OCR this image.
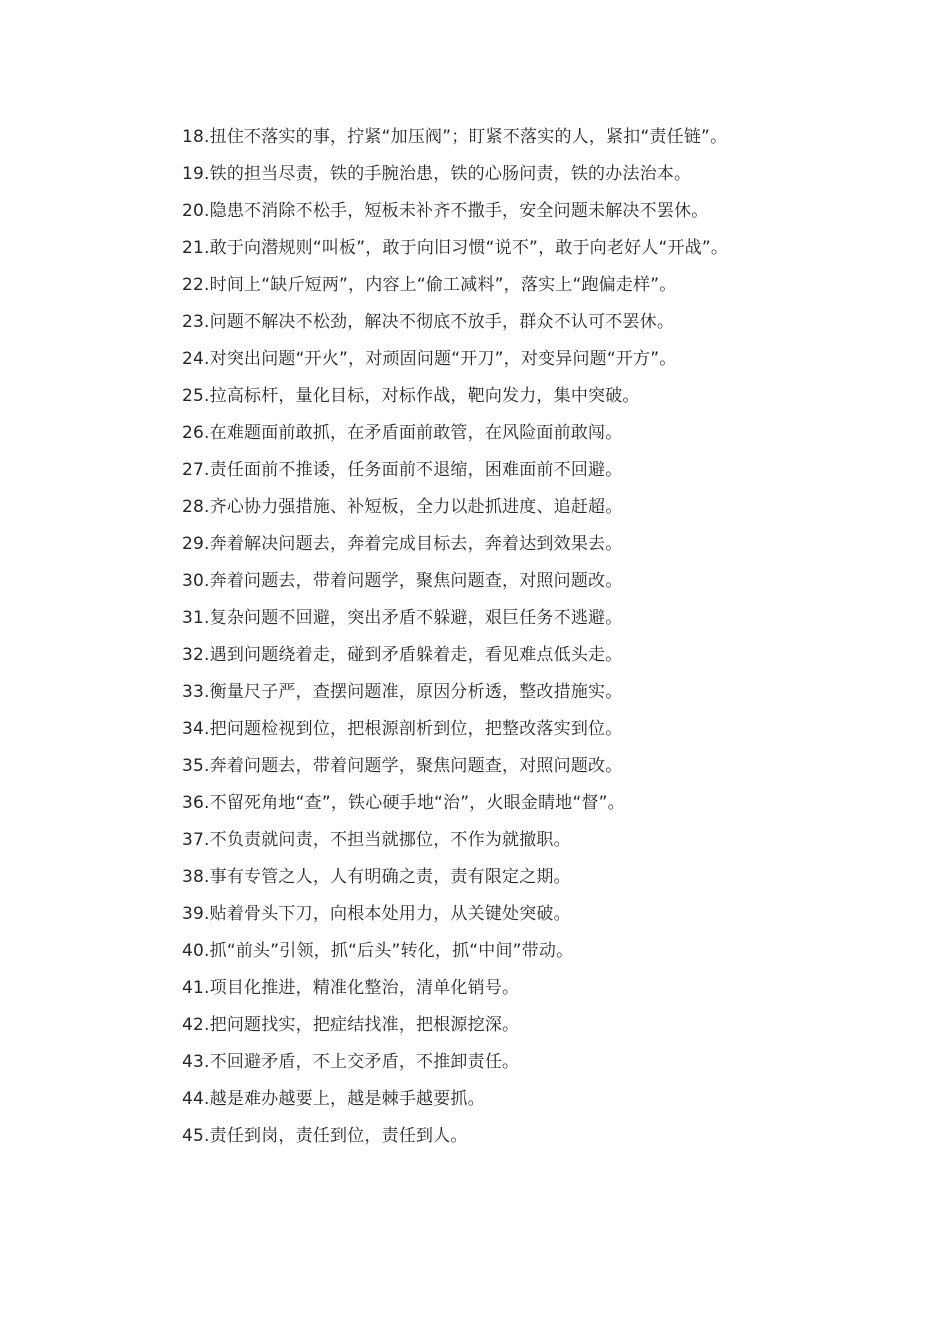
18.扭住不落实的事，拧紧“加压阀”；盯紧不落实的人，紧扣“责任链”。
19.铁的担当尽责，铁的手腕治患，铁的心肠问责，铁的办法治本。
20.隐患不消除不松手，短板未补齐不撒手，安全问题未解决不罢休。
21.敢于向潜规则“叫板”，敢于向旧习惯“说不”，敢于向老好人“开战”。
22.时间上“缺斤短两”，内容上“偷工减料”，落实上“跑偏走样”。
23.问题不解决不松劲，解决不彻底不放手，群众不认可不罢休。
24.对突出问题“开火”，对顽固问题“开刀”，对变异问题“开方”。
25.拉高标杆，量化目标，对标作战，靶向发力，集中突破。
26.在难题面前敢抓，在矛盾面前敢管，在风险面前敢闯。
27.责任面前不推诿，任务面前不退缩，困难面前不回避。
28.齐心协力强措施、补短板，全力以赴抓进度、追赶超。
29.奔着解决问题去，奔着完成目标去，奔着达到效果去。
30.奔着问题去，带着问题学，聚焦问题查，对照问题改。
31.复杂问题不回避，突出矛盾不躲避，艰巨任务不逃避。
32.遇到问题绕着走，碰到矛盾躲着走，看见难点低头走。
33.衡量尺子严，查摆问题准，原因分析透，整改措施实。
34.把问题检视到位，把根源剖析到位，把整改落实到位。
35.奔着问题去，带着问题学，聚焦问题查，对照问题改。
36.不留死角地“查”，铁心硬手地“治”，火眼金睛地“督”。
37.不负责就问责，不担当就挪位，不作为就撤职。
38.事有专管之人，人有明确之责，责有限定之期。
39.贴着骨头下刀，向根本处用力，从关键处突破。
40.抓“前头”引领，抓“后头”转化，抓“中间”带动。
41.项目化推进，精准化整治，清单化销号。
42.把问题找实，把症结找准，把根源挖深。
43.不回避矛盾，不上交矛盾，不推卸责任。
44.越是难办越要上，越是棘手越要抓。
45.责任到岗，责任到位，责任到人。
